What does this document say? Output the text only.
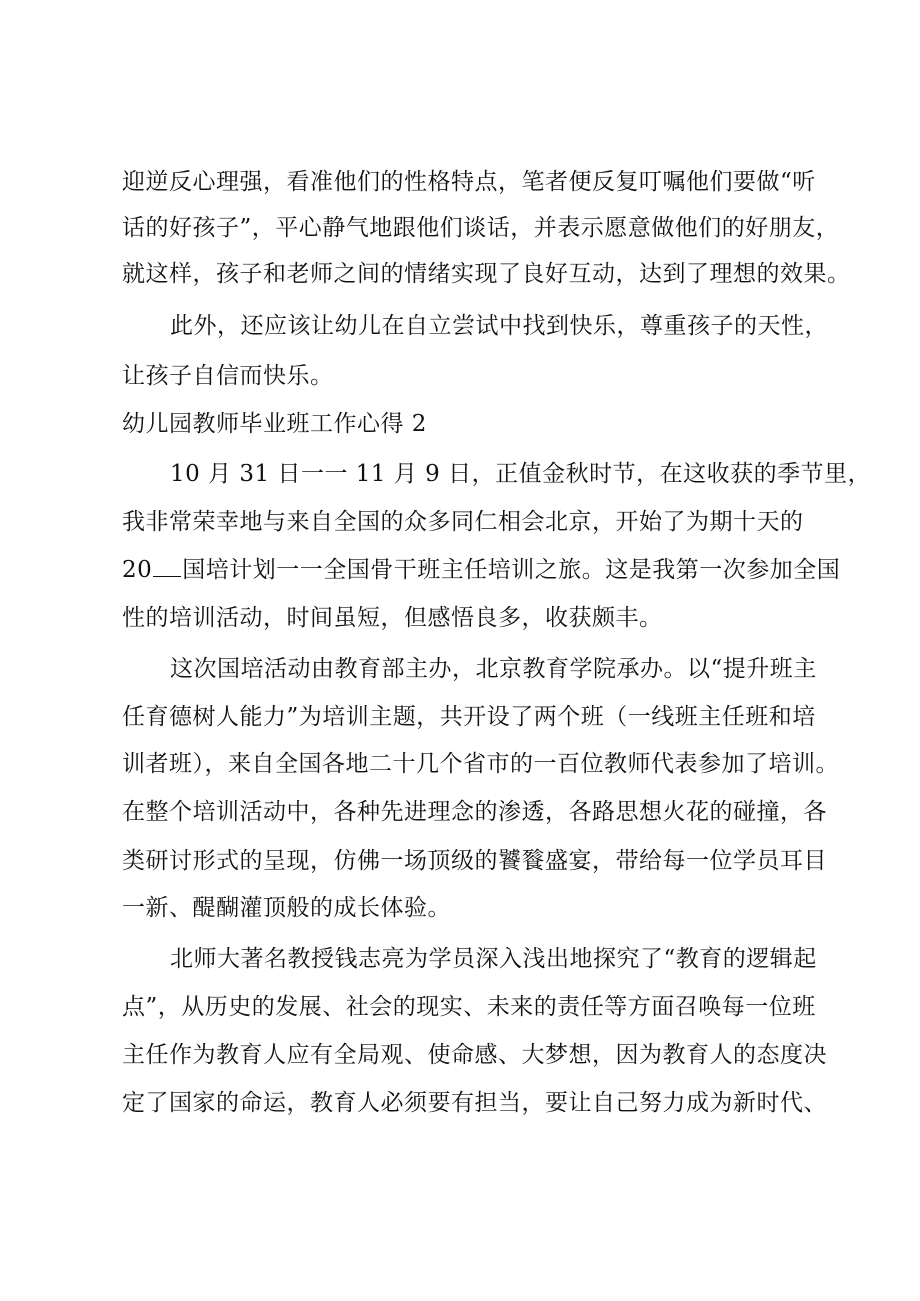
迎逆反心理强，看准他们的性格特点，笔者便反复叮嘱他们要做“听
话的好孩子”，平心静气地跟他们谈话，并表示愿意做他们的好朋友，
就这样，孩子和老师之间的情绪实现了良好互动，达到了理想的效果。
此外，还应该让幼儿在自立尝试中找到快乐，尊重孩子的天性，
让孩子自信而快乐。
幼儿园教师毕业班工作心得 2
10 月 31 日一一 11 月 9 日，正值金秋时节，在这收获的季节里，
我非常荣幸地与来自全国的众多同仁相会北京，开始了为期十天的
20 国培计划一一全国骨干班主任培训之旅。这是我第一次参加全国
性的培训活动，时间虽短，但感悟良多，收获颇丰。
这次国培活动由教育部主办，北京教育学院承办。以“提升班主
任育德树人能力”为培训主题，共开设了两个班（一线班主任班和培
训者班），来自全国各地二十几个省市的一百位教师代表参加了培训。
在整个培训活动中，各种先进理念的渗透，各路思想火花的碰撞，各
类研讨形式的呈现，仿佛一场顶级的饕餮盛宴，带给每一位学员耳目
一新、醍醐灌顶般的成长体验。
北师大著名教授钱志亮为学员深入浅出地探究了“教育的逻辑起
点”，从历史的发展、社会的现实、未来的责任等方面召唤每一位班
主任作为教育人应有全局观、使命感、大梦想，因为教育人的态度决
定了国家的命运，教育人必须要有担当，要让自己努力成为新时代、
